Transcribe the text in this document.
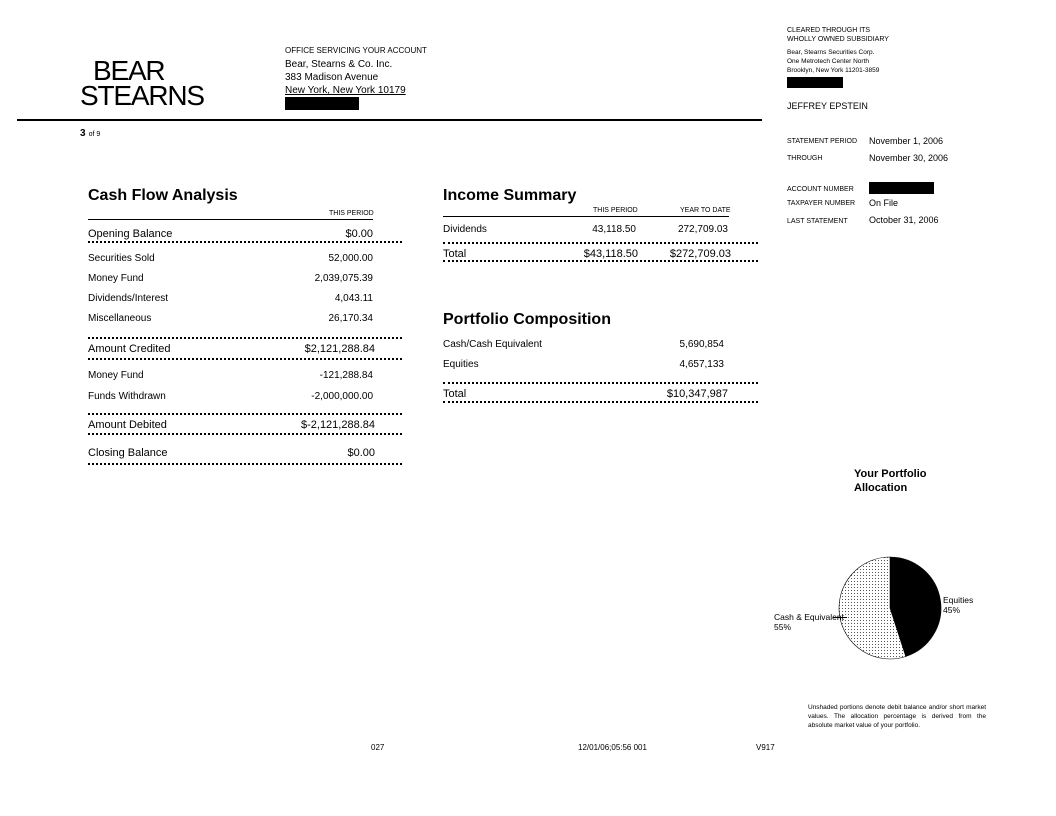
BEAR
STEARNS
OFFICE SERVICING YOUR ACCOUNT
Bear, Stearns & Co. Inc.
383 Madison Avenue
New York, New York 10179
3 of 9
CLEARED THROUGH ITS
WHOLLY OWNED SUBSIDIARY
Bear, Stearns Securities Corp.
One Metrotech Center North
Brooklyn, New York 11201-3859
JEFFREY EPSTEIN
STATEMENT PERIOD November 1, 2006
THROUGH	November 30, 2006
ACCOUNT NUMBER
TAXPAYER NUMBER On File
LAST STATEMENT October 31, 2006
Cash Flow Analysis
THIS PERIOD
Opening Balance	$0.00
Securities Sold	52,000.00
Money Fund	2,039,075.39
Dividends/Interest	4,043.11
Miscellaneous	26,170.34
Amount Credited	$2,121,288.84
Money Fund	-121,288.84
Funds Withdrawn	-2,000,000.00
Amount Debited	$-2,121,288.84
Closing Balance	$0.00
Income Summary
THIS PERIOD	YEAR TO DATE
Dividends	43,118.50	272,709.03
Total	$43,118.50	$272,709.03
Portfolio Composition
Cash/Cash Equivalent	5,690,854
Equities	4,657,133
Total	$10,347,987
Your Portfolio
Allocation
Equities
45%
Cash & Equivalent
55%
Unshaded portions denote debit balance and/or short market values. The allocation percentage is derived from the absolute market value of your portfolio.
027	12/01/06;05:56 001	V917
